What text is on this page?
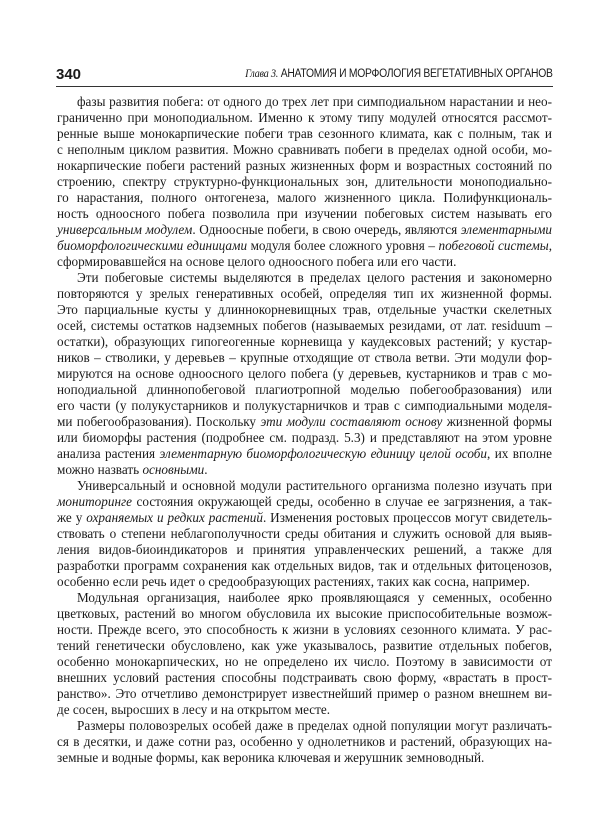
340	Глава 3. АНАТОМИЯ И МОРФОЛОГИЯ ВЕГЕТАТИВНЫХ ОРГАНОВ
фазы развития побега: от одного до трех лет при симподиальном нарастании и нео-
граниченно при моноподиальном. Именно к этому типу модулей относятся рассмот-
ренные выше монокарпические побеги трав сезонного климата, как с полным, так и
с неполным циклом развития. Можно сравнивать побеги в пределах одной особи, мо-
нокарпические побеги растений разных жизненных форм и возрастных состояний по
строению, спектру структурно-функциональных зон, длительности моноподиально-
го нарастания, полного онтогенеза, малого жизненного цикла. Полифункциональ-
ность одноосного побега позволила при изучении побеговых систем называть его
универсальным модулем. Одноосные побеги, в свою очередь, являются элементарными
биоморфологическими единицами модуля более сложного уровня – побеговой системы,
сформировавшейся на основе целого одноосного побега или его части.
Эти побеговые системы выделяются в пределах целого растения и закономерно
повторяются у зрелых генеративных особей, определяя тип их жизненной формы.
Это парциальные кусты у длиннокорневищных трав, отдельные участки скелетных
осей, системы остатков надземных побегов (называемых резидами, от лат. residuum –
остатки), образующих гипогеогенные корневища у каудексовых растений; у кустар-
ников – стволики, у деревьев – крупные отходящие от ствола ветви. Эти модули фор-
мируются на основе одноосного целого побега (у деревьев, кустарников и трав с мо-
ноподиальной длиннопобеговой плагиотропной моделью побегообразования) или
его части (у полукустарников и полукустарничков и трав с симподиальными моделя-
ми побегообразования). Поскольку эти модули составляют основу жизненной формы
или биоморфы растения (подробнее см. подразд. 5.3) и представляют на этом уровне
анализа растения элементарную биоморфологическую единицу целой особи, их вполне
можно назвать основными.
Универсальный и основной модули растительного организма полезно изучать при
мониторинге состояния окружающей среды, особенно в случае ее загрязнения, а так-
же у охраняемых и редких растений. Изменения ростовых процессов могут свидетель-
ствовать о степени неблагополучности среды обитания и служить основой для выяв-
ления видов-биоиндикаторов и принятия управленческих решений, а также для
разработки программ сохранения как отдельных видов, так и отдельных фитоценозов,
особенно если речь идет о средообразующих растениях, таких как сосна, например.
Модульная организация, наиболее ярко проявляющаяся у семенных, особенно
цветковых, растений во многом обусловила их высокие приспособительные возмож-
ности. Прежде всего, это способность к жизни в условиях сезонного климата. У рас-
тений генетически обусловлено, как уже указывалось, развитие отдельных побегов,
особенно монокарпических, но не определено их число. Поэтому в зависимости от
внешних условий растения способны подстраивать свою форму, «врастать в прост-
ранство». Это отчетливо демонстрирует известнейший пример о разном внешнем ви-
де сосен, выросших в лесу и на открытом месте.
Размеры половозрелых особей даже в пределах одной популяции могут различать-
ся в десятки, и даже сотни раз, особенно у однолетников и растений, образующих на-
земные и водные формы, как вероника ключевая и жерушник земноводный.
